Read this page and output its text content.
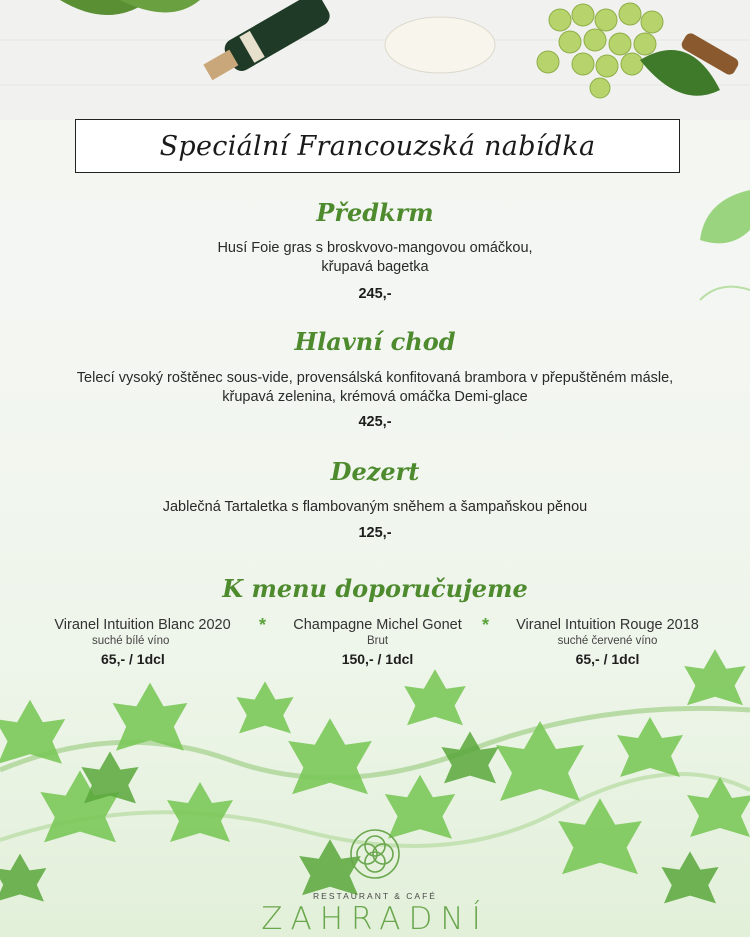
Speciální Francouzská nabídka
Předkrm
Husí Foie gras s broskvovo-mangovou omáčkou,
křupavá bagetka
245,-
Hlavní chod
Telecí vysoký roštěnec sous-vide, provensálská konfitovaná brambora v přepuštěném másle,
křupavá zelenina, krémová omáčka Demi-glace
425,-
Dezert
Jablečná Tartaletka s flambovaným sněhem a šampaňskou pěnou
125,-
K menu doporučujeme
Viranel Intuition Blanc 2020
suché bílé víno
65,- / 1dcl
*	Champagne Michel Gonet
Brut
150,- / 1dcl
*	Viranel Intuition Rouge 2018
suché červené víno
65,- / 1dcl
RESTAURANT & CAFÉ
ZAHRADNÍ
